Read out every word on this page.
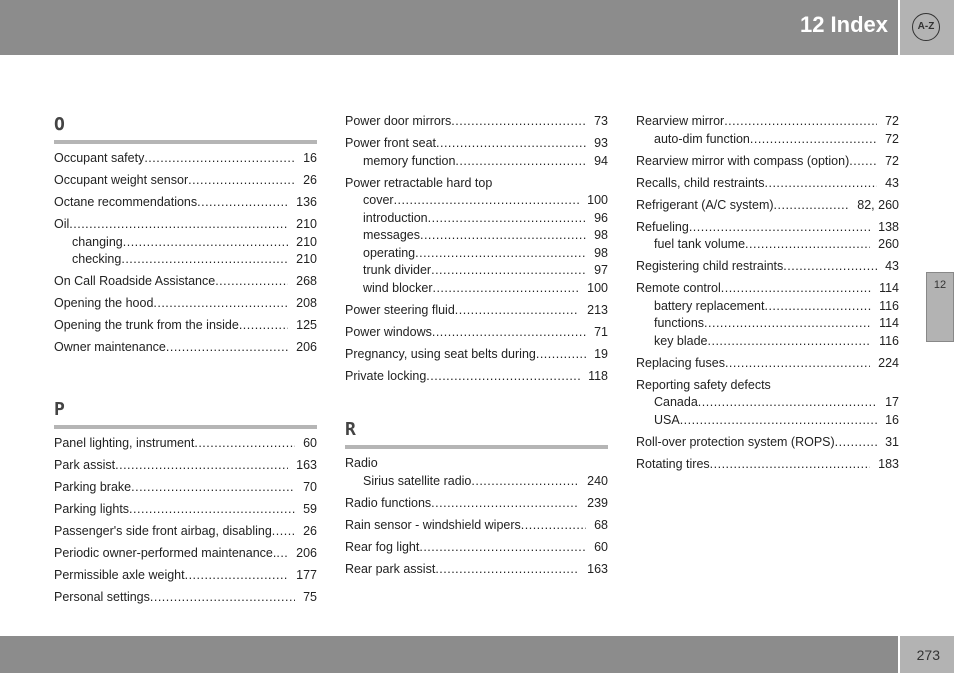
12 Index	A-Z
12
O
Occupant safety .....	16
Occupant weight sensor .....	26
Octane recommendations .....	136
Oil .....	210
changing .....	210
checking .....	210
On Call Roadside Assistance .....	268
Opening the hood .....	208
Opening the trunk from the inside .....	125
Owner maintenance .....	206
P
Panel lighting, instrument .....	60
Park assist .....	163
Parking brake .....	70
Parking lights .....	59
Passenger's side front airbag, disabling .....	26
Periodic owner-performed maintenance. .....	206
Permissible axle weight .....	177
Personal settings .....	75
Power door mirrors .....	73
Power front seat .....	93
memory function .....	94
Power retractable hard top
cover .....	100
introduction .....	96
messages .....	98
operating .....	98
trunk divider .....	97
wind blocker .....	100
Power steering fluid .....	213
Power windows .....	71
Pregnancy, using seat belts during .....	19
Private locking .....	118
R
Radio
Sirius satellite radio .....	240
Radio functions .....	239
Rain sensor - windshield wipers .....	68
Rear fog light .....	60
Rear park assist .....	163
Rearview mirror .....	72
auto-dim function .....	72
Rearview mirror with compass (option) .....	72
Recalls, child restraints .....	43
Refrigerant (A/C system) .....	82, 260
Refueling .....	138
fuel tank volume .....	260
Registering child restraints .....	43
Remote control .....	114
battery replacement .....	116
functions .....	114
key blade .....	116
Replacing fuses .....	224
Reporting safety defects
Canada .....	17
USA .....	16
Roll-over protection system (ROPS) .....	31
Rotating tires .....	183
273
